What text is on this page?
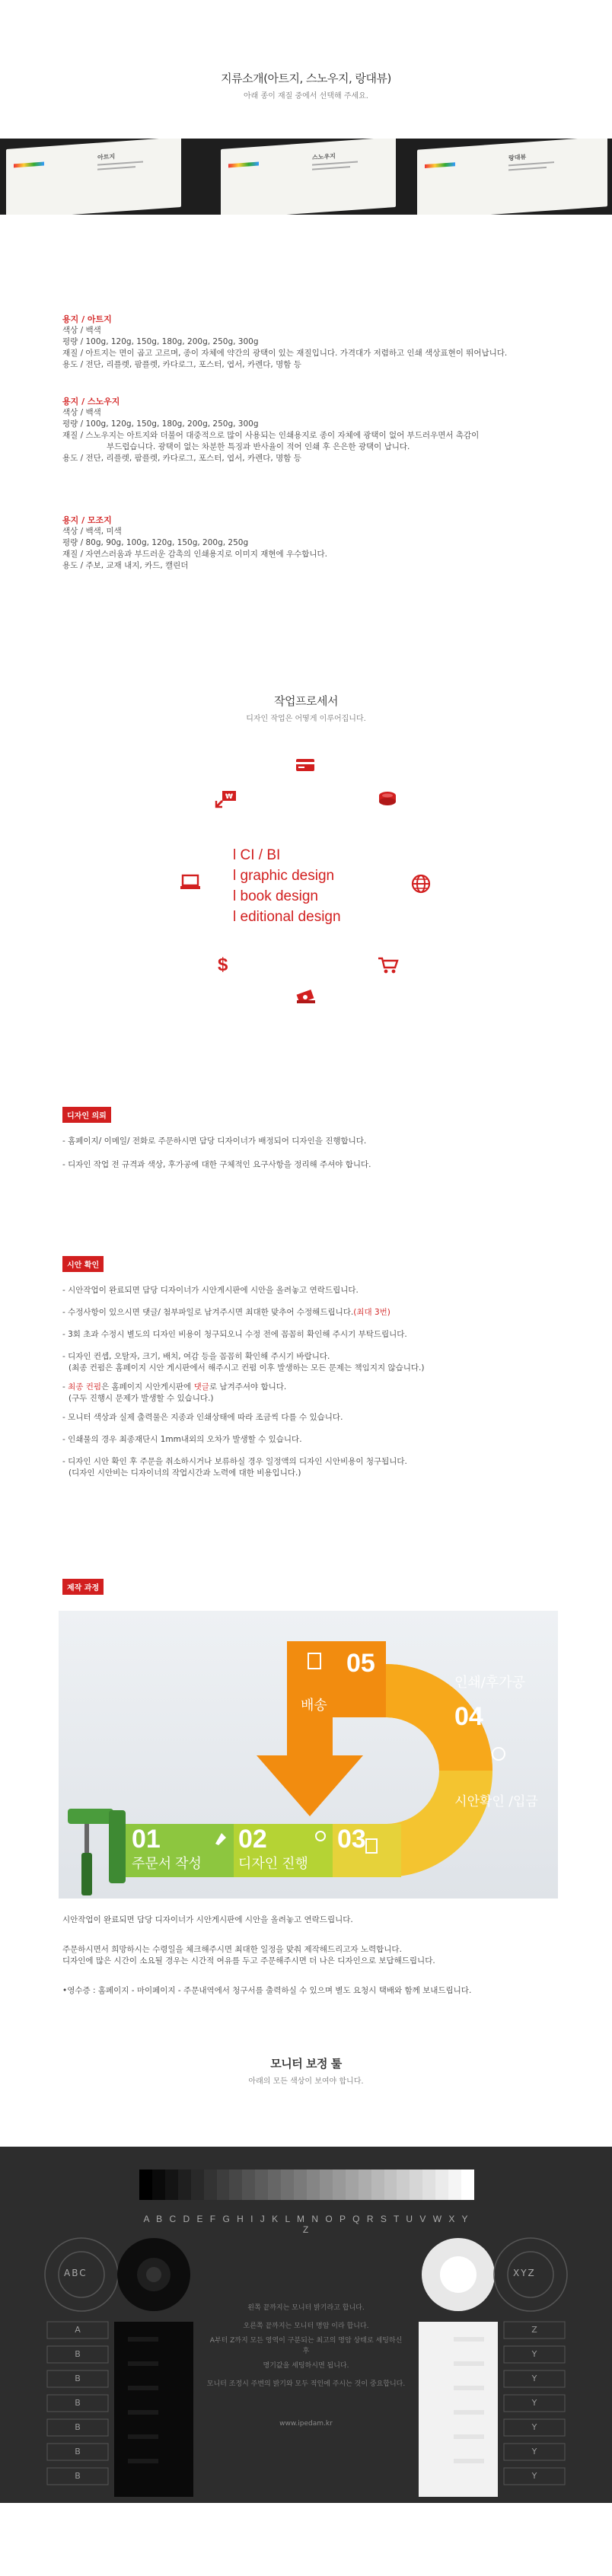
지류소개(아트지, 스노우지, 랑대뷰)
아래 종이 재질 중에서 선택해 주세요.
아트지	스노우지	랑대뷰
용지 / 아트지
색상 / 백색
평량 / 100g, 120g, 150g, 180g, 200g, 250g, 300g
재질 / 아트지는 면이 곱고 고르며, 종이 자체에 약간의 광택이 있는 재질입니다. 가격대가 저렴하고 인쇄 색상표현이 뛰어납니다.
용도 / 전단, 리플렛, 팜플렛, 카다로그, 포스터, 엽서, 카렌다, 명함 등
용지 / 스노우지
색상 / 백색
평량 / 100g, 120g, 150g, 180g, 200g, 250g, 300g
재질 / 스노우지는 아트지와 더불어 대중적으로 많이 사용되는 인쇄용지로 종이 자체에 광택이 없어 부드러우면서 촉감이
부드럽습니다. 광택이 없는 차분한 특징과 반사율이 적어 인쇄 후 은은한 광택이 납니다.
용도 / 전단, 리플렛, 팜플렛, 카다로그, 포스터, 엽서, 카렌다, 명함 등
용지 / 모조지
색상 / 백색, 미색
평량 / 80g, 90g, 100g, 120g, 150g, 200g, 250g
재질 / 자연스러움과 부드러운 감촉의 인쇄용지로 이미지 재현에 우수합니다.
용도 / 주보, 교재 내지, 카드, 캘린더
작업프로세서
디자인 작업은 어떻게 이루어집니다.
$
₩
l CI / BI
l graphic design
l book design
l editional design
디자인 의뢰

- 홈페이지/ 이메일/ 전화로 주문하시면 담당 디자이너가 배정되어 디자인을 진행합니다.

- 디자인 작업 전 규격과 색상, 후가공에 대한 구체적인 요구사항을 정리해 주셔야 합니다.

시안 확인

- 시안작업이 완료되면 담당 디자이너가 시안게시판에 시안을 올려놓고 연락드립니다.

- 수정사항이 있으시면 댓글/ 첨부파일로 남겨주시면 최대한 맞추어 수정해드립니다.(최대 3번)

- 3회 초과 수정시 별도의 디자인 비용이 청구되오니 수정 전에 꼼꼼히 확인해 주시기 부탁드립니다.

- 디자인 컨셉, 오탈자, 크기, 배치, 여감 등을 꼼꼼히 확인해 주시기 바랍니다.
(최종 컨펌은 홈페이지 시안 게시판에서 해주시고 컨펌 이후 발생하는 모든 문제는 책임지지 않습니다.)

- 최종 컨펌은 홈페이지 시안게시판에 댓글로 남겨주셔야 합니다.
(구두 진행시 문제가 발생할 수 있습니다.)

- 모니터 색상과 실제 출력물은 지종과 인쇄상태에 따라 조금씩 다를 수 있습니다.

- 인쇄물의 경우 최종재단시 1mm내외의 오차가 발생할 수 있습니다.

- 디자인 시안 확인 후 주문을 취소하시거나 보류하실 경우 일정액의 디자인 시안비용이 청구됩니다.
(디자인 시안비는 디자이너의 작업시간과 노력에 대한 비용입니다.)

제작 과정
01
주문서 작성
02
디자인 진행
03
시안확인 /입금
04
인쇄/후가공
05
배송

시안작업이 완료되면 담당 디자이너가 시안게시판에 시안을 올려놓고 연락드립니다.

주문하시면서 희망하시는 수령일을 체크해주시면 최대한 일정을 맞춰 제작해드리고자 노력합니다.

디자인에 많은 시간이 소요될 경우는 시간적 여유를 두고 주문해주시면 더 나은 디자인으로 보답해드립니다.

•영수증 : 홈페이지 - 마이페이지 - 주문내역에서 청구서를 출력하실 수 있으며 별도 요청시 택배와 함께 보내드립니다.

모니터 보정 툴
아래의 모든 색상이 보여야 합니다.
A B C D E F G H I J K L M N O P Q R S T U V W X Y Z
ABC	XYZ
A
B
B
B
B
B
B
Z
Y
Y
Y
Y
Y
Y
왼쪽 끝까지는 모니터 밝기라고 합니다.
오른쪽 끝까지는 모니터 명암 이라 합니다.
A부터 Z까지 모든 영역이 구분되는 최고의 명암 상태로 세팅하신 후
명기값을 세팅하시면 됩니다.
모니터 조정시 주변의 밝기와 모두 적인에 주시는 것이 중요합니다.
www.ipedam.kr
